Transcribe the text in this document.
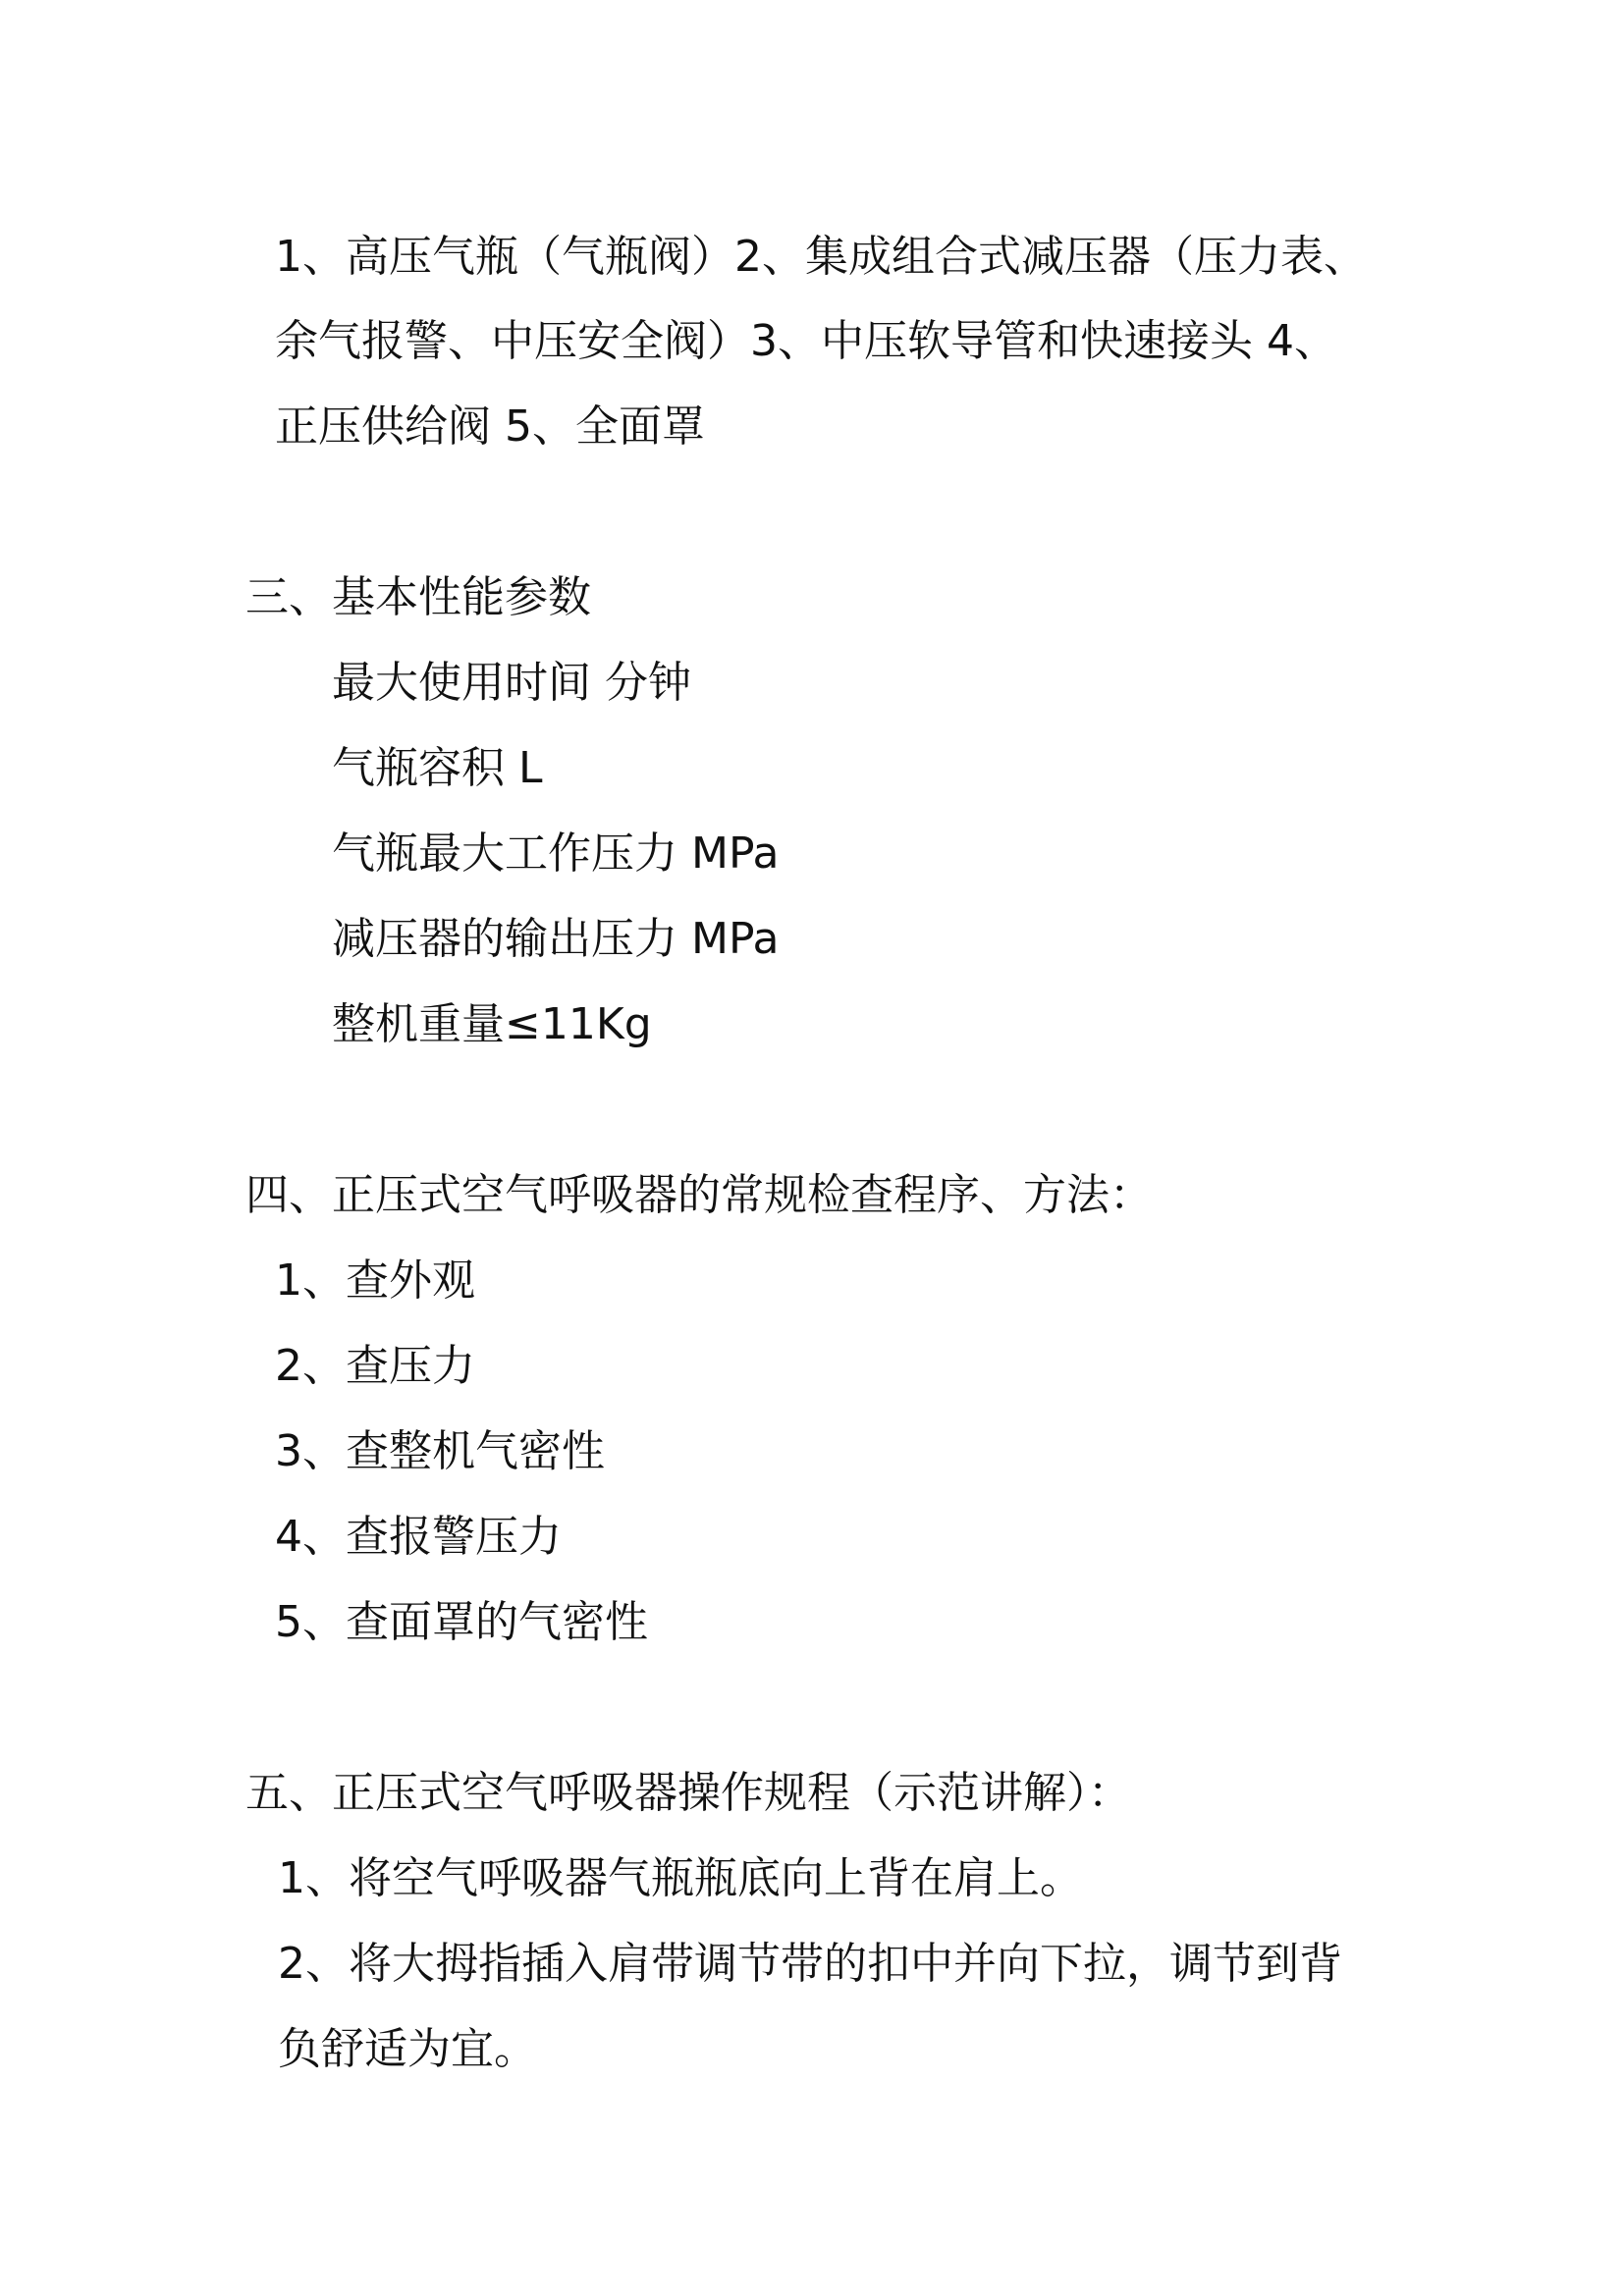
1、高压气瓶（气瓶阀）2、集成组合式减压器（压力表、
余气报警、中压安全阀）3、中压软导管和快速接头 4、
正压供给阀 5、全面罩
三、基本性能参数
最大使用时间 分钟
气瓶容积 L
气瓶最大工作压力 MPa
减压器的输出压力 MPa
整机重量≤11Kg
四、正压式空气呼吸器的常规检查程序、方法：
1、查外观
2、查压力
3、查整机气密性
4、查报警压力
5、查面罩的气密性
五、正压式空气呼吸器操作规程（示范讲解）：
1、将空气呼吸器气瓶瓶底向上背在肩上。
2、将大拇指插入肩带调节带的扣中并向下拉，调节到背
负舒适为宜。
